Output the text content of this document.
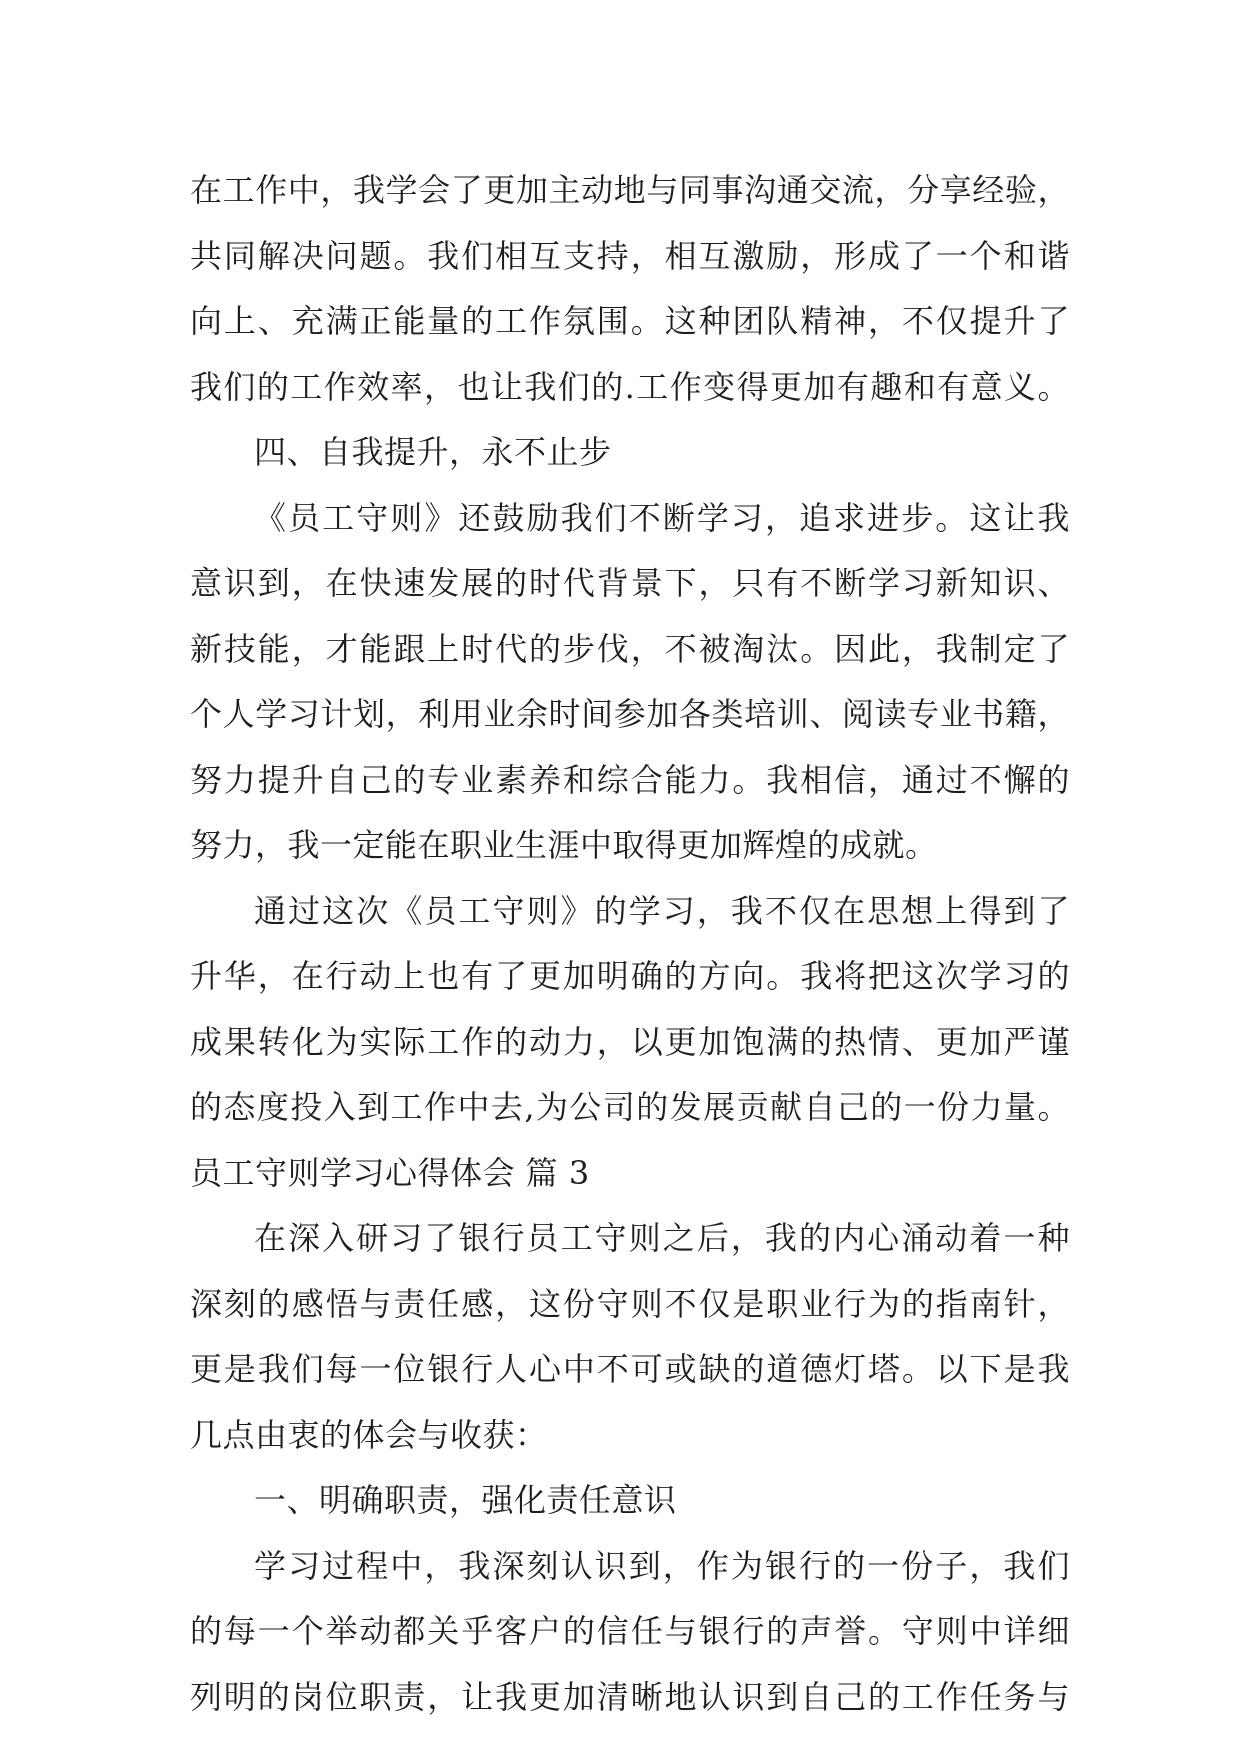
在工作中，我学会了更加主动地与同事沟通交流，分享经验，
共同解决问题。我们相互支持，相互激励，形成了一个和谐
向上、充满正能量的工作氛围。这种团队精神，不仅提升了
我们的工作效率，也让我们的.工作变得更加有趣和有意义。
四、自我提升，永不止步
《员工守则》还鼓励我们不断学习，追求进步。这让我
意识到，在快速发展的时代背景下，只有不断学习新知识、
新技能，才能跟上时代的步伐，不被淘汰。因此，我制定了
个人学习计划，利用业余时间参加各类培训、阅读专业书籍，
努力提升自己的专业素养和综合能力。我相信，通过不懈的
努力，我一定能在职业生涯中取得更加辉煌的成就。
通过这次《员工守则》的学习，我不仅在思想上得到了
升华，在行动上也有了更加明确的方向。我将把这次学习的
成果转化为实际工作的动力，以更加饱满的热情、更加严谨
的态度投入到工作中去,为公司的发展贡献自己的一份力量。
员工守则学习心得体会 篇 3
在深入研习了银行员工守则之后，我的内心涌动着一种
深刻的感悟与责任感，这份守则不仅是职业行为的指南针，
更是我们每一位银行人心中不可或缺的道德灯塔。以下是我
几点由衷的体会与收获：
一、明确职责，强化责任意识
学习过程中，我深刻认识到，作为银行的一份子，我们
的每一个举动都关乎客户的信任与银行的声誉。守则中详细
列明的岗位职责，让我更加清晰地认识到自己的工作任务与
